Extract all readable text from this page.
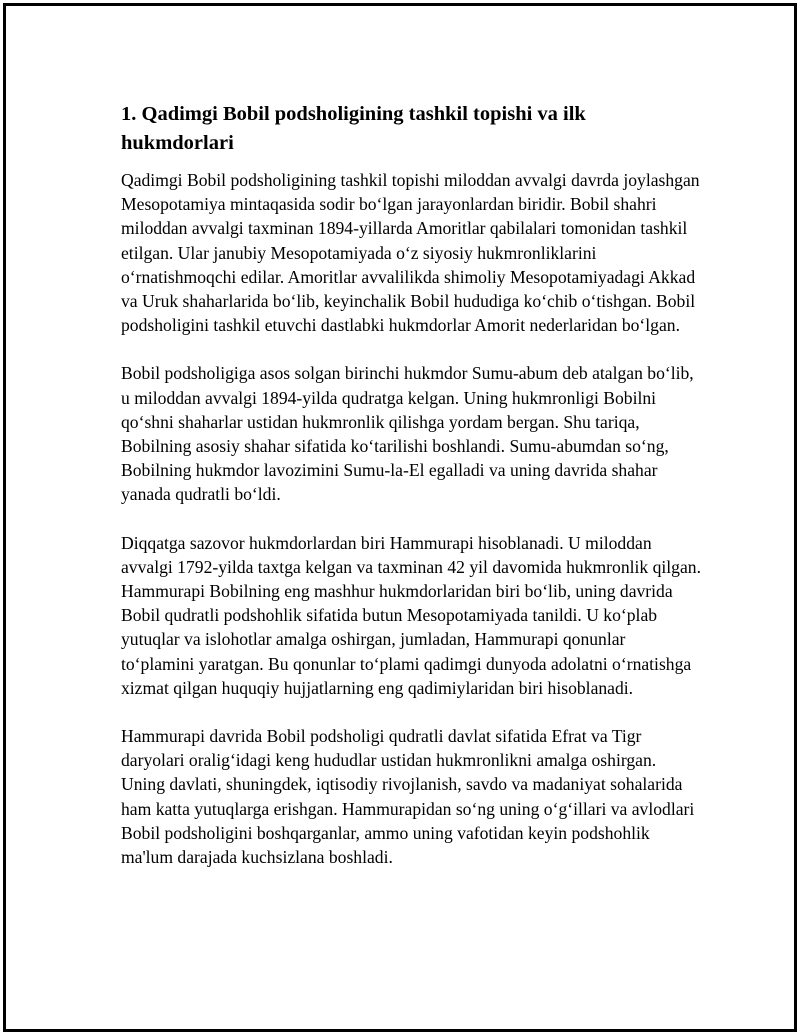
1. Qadimgi Bobil podsholigining tashkil topishi va ilk hukmdorlari

Qadimgi Bobil podsholigining tashkil topishi miloddan avvalgi davrda joylashgan Mesopotamiya mintaqasida sodir boʻlgan jarayonlardan biridir. Bobil shahri miloddan avvalgi taxminan 1894-yillarda Amoritlar qabilalari tomonidan tashkil etilgan. Ular janubiy Mesopotamiyada oʻz siyosiy hukmronliklarini oʻrnatishmoqchi edilar. Amoritlar avvalilikda shimoliy Mesopotamiyadagi Akkad va Uruk shaharlarida boʻlib, keyinchalik Bobil hududiga koʻchib oʻtishgan. Bobil podsholigini tashkil etuvchi dastlabki hukmdorlar Amorit nederlaridan boʻlgan.

Bobil podsholigiga asos solgan birinchi hukmdor Sumu-abum deb atalgan boʻlib, u miloddan avvalgi 1894-yilda qudratga kelgan. Uning hukmronligi Bobilni qoʻshni shaharlar ustidan hukmronlik qilishga yordam bergan. Shu tariqa, Bobilning asosiy shahar sifatida koʻtarilishi boshlandi. Sumu-abumdan soʻng, Bobilning hukmdor lavozimini Sumu-la-El egalladi va uning davrida shahar yanada qudratli boʻldi.

Diqqatga sazovor hukmdorlardan biri Hammurapi hisoblanadi. U miloddan avvalgi 1792-yilda taxtga kelgan va taxminan 42 yil davomida hukmronlik qilgan. Hammurapi Bobilning eng mashhur hukmdorlaridan biri boʻlib, uning davrida Bobil qudratli podshohlik sifatida butun Mesopotamiyada tanildi. U koʻplab yutuqlar va islohotlar amalga oshirgan, jumladan, Hammurapi qonunlar toʻplamini yaratgan. Bu qonunlar toʻplami qadimgi dunyoda adolatni oʻrnatishga xizmat qilgan huquqiy hujjatlarning eng qadimiylaridan biri hisoblanadi.

Hammurapi davrida Bobil podsholigi qudratli davlat sifatida Efrat va Tigr daryolari oraligʻidagi keng hududlar ustidan hukmronlikni amalga oshirgan. Uning davlati, shuningdek, iqtisodiy rivojlanish, savdo va madaniyat sohalarida ham katta yutuqlarga erishgan. Hammurapidan soʻng uning oʻgʻillari va avlodlari Bobil podsholigini boshqarganlar, ammo uning vafotidan keyin podshohlik ma'lum darajada kuchsizlana boshladi.
